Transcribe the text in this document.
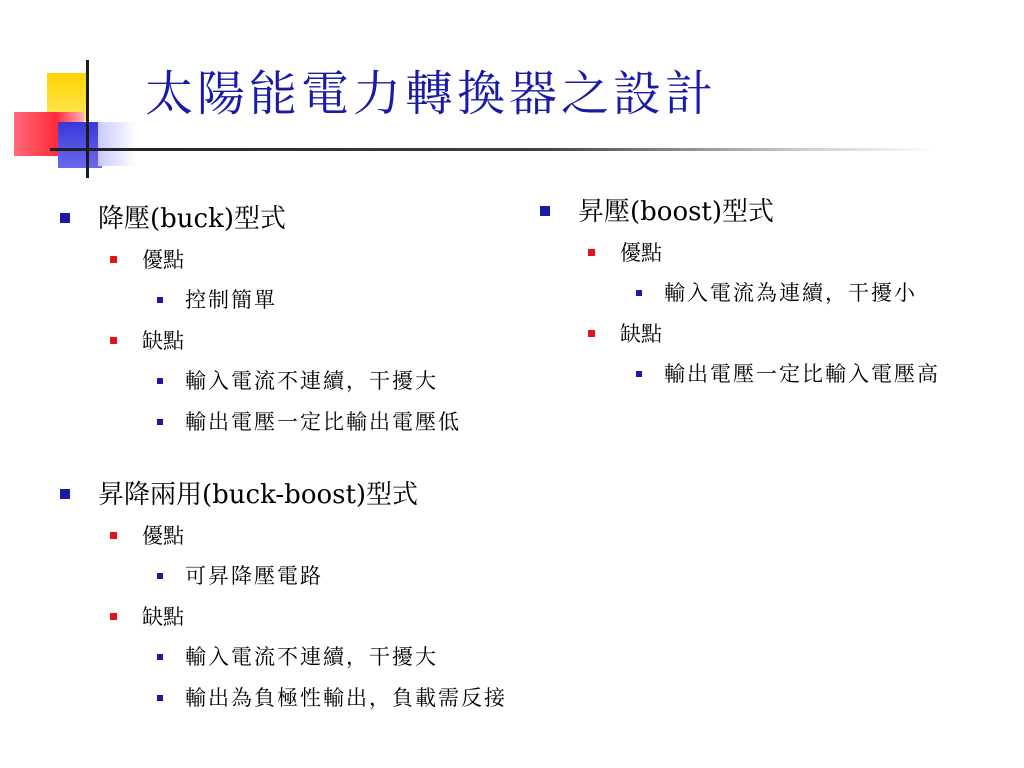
太陽能電力轉換器之設計
降壓(buck)型式
優點
控制簡單
缺點
輸入電流不連續，干擾大
輸出電壓一定比輸出電壓低
昇壓(boost)型式
優點
輸入電流為連續，干擾小
缺點
輸出電壓一定比輸入電壓高
昇降兩用(buck-boost)型式
優點
可昇降壓電路
缺點
輸入電流不連續，干擾大
輸出為負極性輸出，負載需反接
